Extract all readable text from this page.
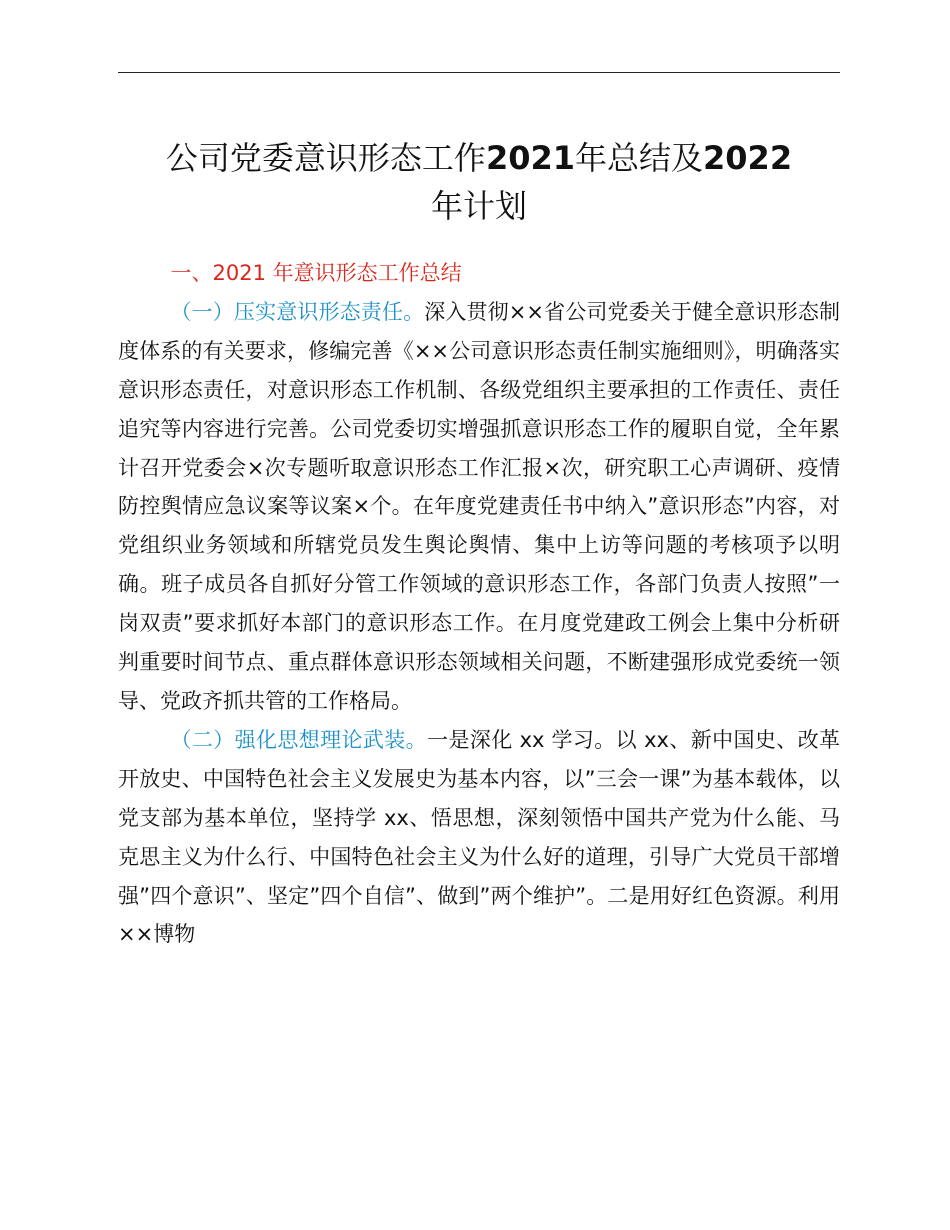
公司党委意识形态工作2021年总结及2022
年计划

一、2021 年意识形态工作总结

（一）压实意识形态责任。深入贯彻××省公司党委关于健全意识形态制度体系的有关要求，修编完善《××公司意识形态责任制实施细则》，明确落实意识形态责任，对意识形态工作机制、各级党组织主要承担的工作责任、责任追究等内容进行完善。公司党委切实增强抓意识形态工作的履职自觉，全年累计召开党委会×次专题听取意识形态工作汇报×次，研究职工心声调研、疫情防控舆情应急议案等议案×个。在年度党建责任书中纳入”意识形态”内容，对党组织业务领域和所辖党员发生舆论舆情、集中上访等问题的考核项予以明确。班子成员各自抓好分管工作领域的意识形态工作，各部门负责人按照”一岗双责”要求抓好本部门的意识形态工作。在月度党建政工例会上集中分析研判重要时间节点、重点群体意识形态领域相关问题，不断建强形成党委统一领导、党政齐抓共管的工作格局。

（二）强化思想理论武装。一是深化 xx 学习。以 xx、新中国史、改革开放史、中国特色社会主义发展史为基本内容，以”三会一课”为基本载体，以党支部为基本单位，坚持学 xx、悟思想，深刻领悟中国共产党为什么能、马克思主义为什么行、中国特色社会主义为什么好的道理，引导广大党员干部增强”四个意识”、坚定”四个自信”、做到”两个维护”。二是用好红色资源。利用××博物
